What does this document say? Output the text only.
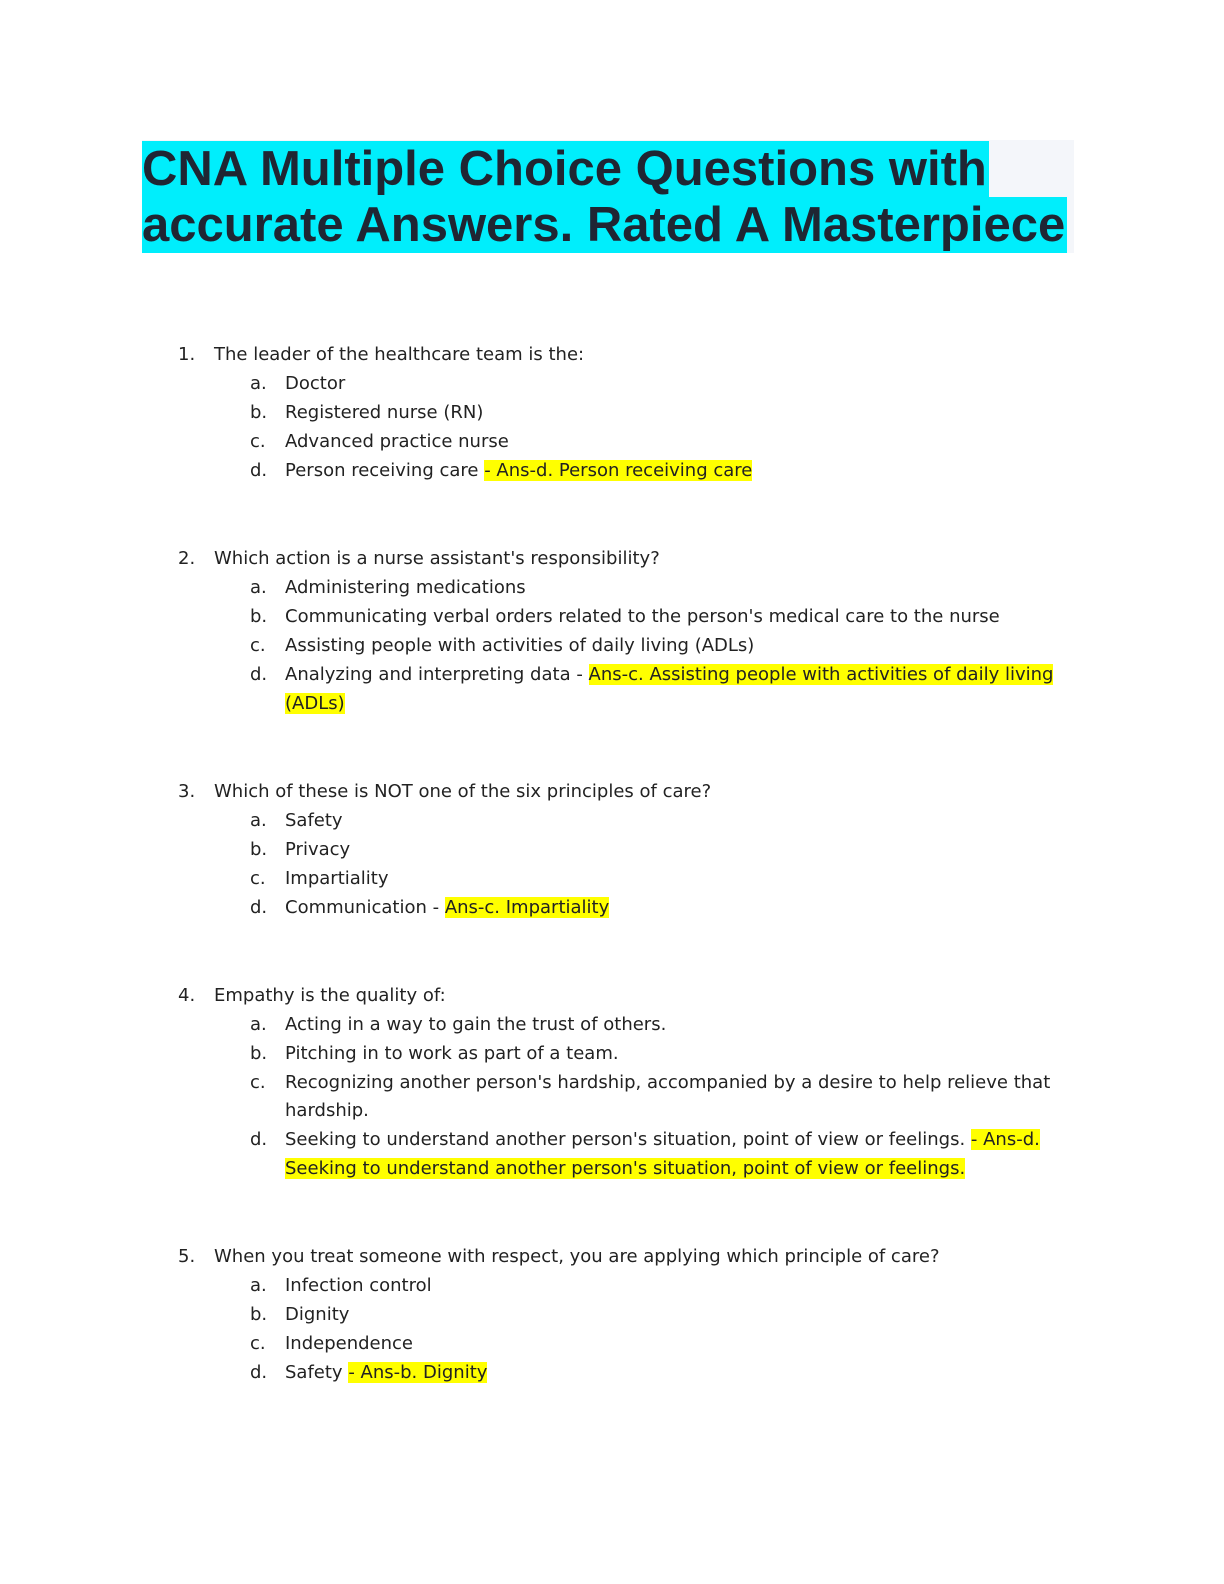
CNA Multiple Choice Questions with
accurate Answers. Rated A Masterpiece
1. The leader of the healthcare team is the:
a. Doctor
b. Registered nurse (RN)
c. Advanced practice nurse
d. Person receiving care - Ans-d. Person receiving care
2. Which action is a nurse assistant's responsibility?
a. Administering medications
b. Communicating verbal orders related to the person's medical care to the nurse
c. Assisting people with activities of daily living (ADLs)
d. Analyzing and interpreting data - Ans-c. Assisting people with activities of daily living
(ADLs)
3. Which of these is NOT one of the six principles of care?
a. Safety
b. Privacy
c. Impartiality
d. Communication - Ans-c. Impartiality
4. Empathy is the quality of:
a. Acting in a way to gain the trust of others.
b. Pitching in to work as part of a team.
c. Recognizing another person's hardship, accompanied by a desire to help relieve that
hardship.
d. Seeking to understand another person's situation, point of view or feelings. - Ans-d.
Seeking to understand another person's situation, point of view or feelings.
5. When you treat someone with respect, you are applying which principle of care?
a. Infection control
b. Dignity
c. Independence
d. Safety - Ans-b. Dignity
